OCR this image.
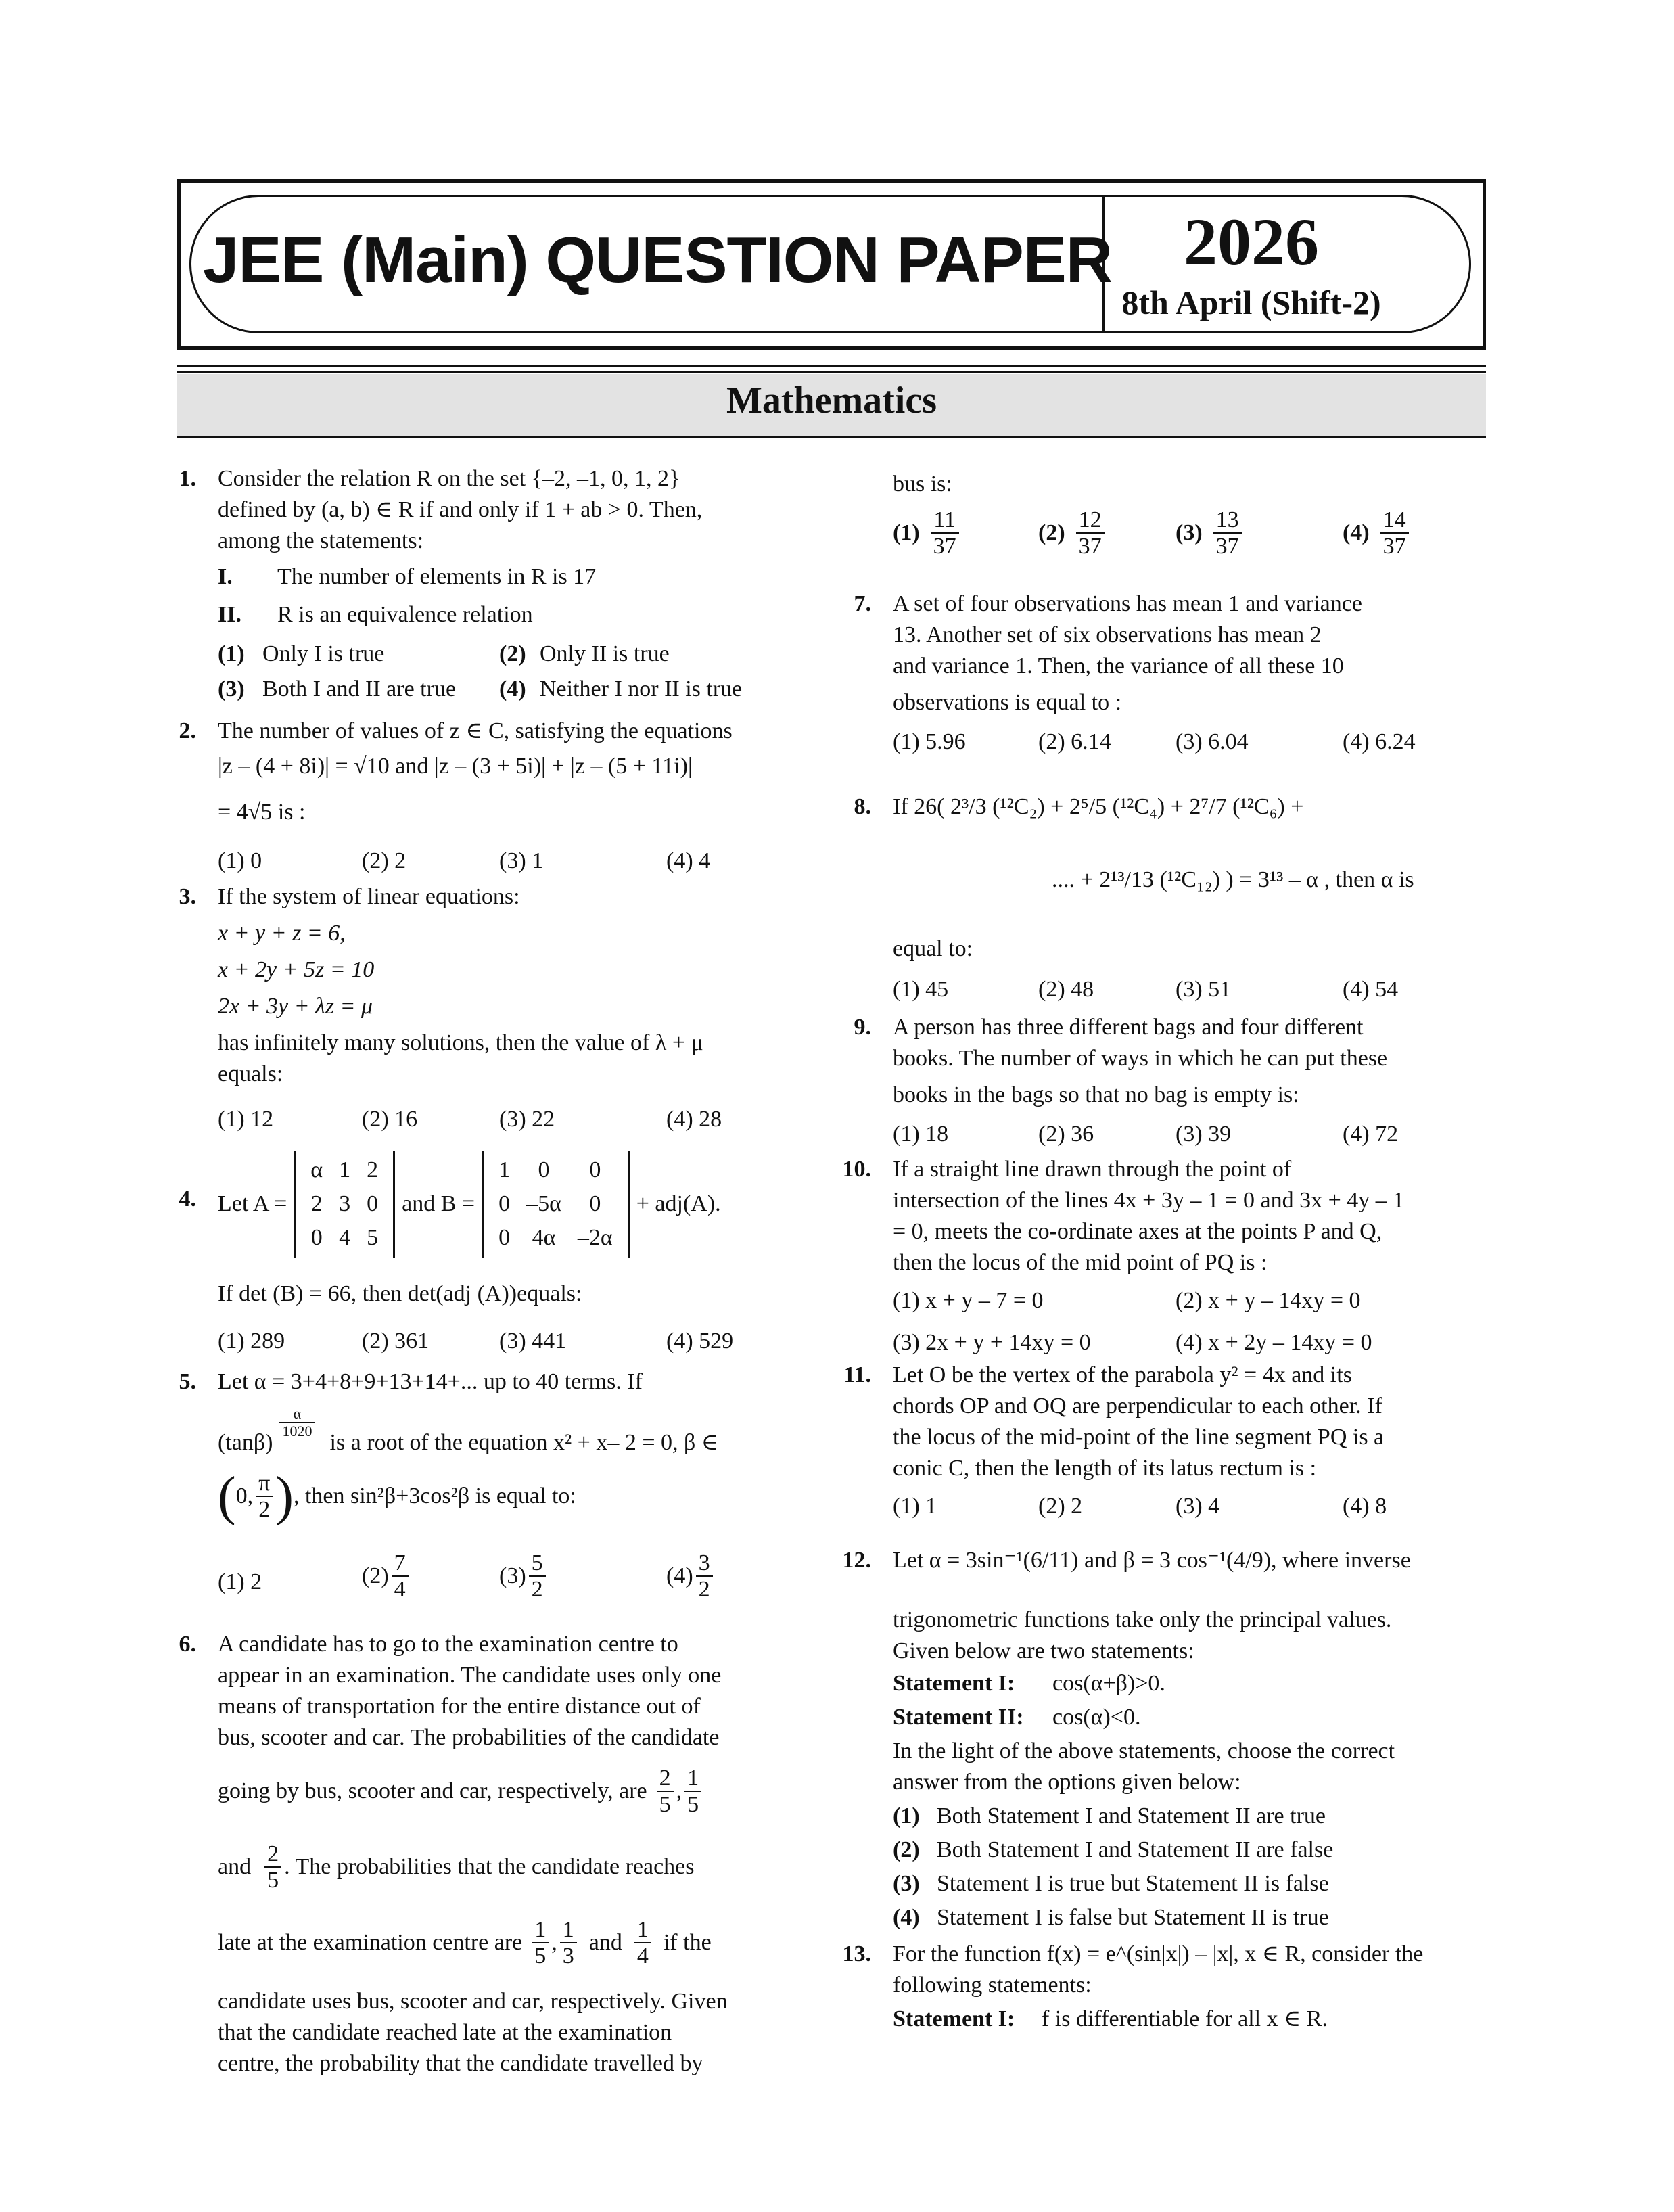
JEE (Main) QUESTION PAPER	2026
8th April (Shift-2)
Mathematics
1. Consider the relation R on the set {–2, –1, 0, 1, 2}
defined by (a, b) ∈ R if and only if 1 + ab > 0. Then,
among the statements:
I. The number of elements in R is 17
II. R is an equivalence relation
(1) Only I is true	(2) Only II is true
(3) Both I and II are true (4) Neither I nor II is true
2. The number of values of z ∈ C, satisfying the equations
|z – (4 + 8i)| = √10 and |z – (3 + 5i)| + |z – (5 + 11i)|
= 4√5 is :
(1) 0	(2) 2	(3) 1	(4) 4
3. If the system of linear equations:
x + y + z = 6,
x + 2y + 5z = 10
2x + 3y + λz = μ
has infinitely many solutions, then the value of λ + μ
equals:
(1) 12	(2) 16	(3) 22	(4) 28
4. Let A =
α	1	2
2	3	0
0	4	5
and B =
1	0	0
0	–5α	0
0	4α	–2α
+ adj(A).
If det (B) = 66, then det(adj (A))equals:
(1) 289	(2) 361	(3) 441	(4) 529
5. Let α = 3+4+8+9+13+14+... up to 40 terms. If
(tanβ)
$\frac{\alpha}{1020}$
is a root of the equation x² + x– 2 = 0, β ∈
( 0, $\frac{\pi}{2}$ ) , then sin²β+3cos²β is equal to:
(1) 2	$(2) \frac{7}{4}$	$(3) \frac{5}{2}$	$(4) \frac{3}{2}$
6. A candidate has to go to the examination centre to
appear in an examination. The candidate uses only one
means of transportation for the entire distance out of
bus, scooter and car. The probabilities of the candidate
going by bus, scooter and car, respectively, are $\frac{2}{5}$ , $\frac{1}{5}$
and $\frac{2}{5}$ . The probabilities that the candidate reaches
late at the examination centre are $\frac{1}{5}$ , $\frac{1}{3}$ and $\frac{1}{4}$ if the
candidate uses bus, scooter and car, respectively. Given
that the candidate reached late at the examination
centre, the probability that the candidate travelled by
bus is:
$(1) \frac{11}{37}$	$(2) \frac{12}{37}$	$(3) \frac{13}{37}$	$(4) \frac{14}{37}$
7. A set of four observations has mean 1 and variance
13. Another set of six observations has mean 2
and variance 1. Then, the variance of all these 10
observations is equal to :
(1) 5.96	(2) 6.14	(3) 6.04	(4) 6.24
8. If 26( 2³/3 (¹²C₂) + 2⁵/5 (¹²C₄) + 2⁷/7 (¹²C₆) +
.... + 2¹³/13 (¹²C₁₂) ) = 3¹³ – α , then α is
equal to:
(1) 45	(2) 48	(3) 51	(4) 54
9. A person has three different bags and four different
books. The number of ways in which he can put these
books in the bags so that no bag is empty is:
(1) 18	(2) 36	(3) 39	(4) 72
10. If a straight line drawn through the point of
intersection of the lines 4x + 3y – 1 = 0 and 3x + 4y – 1
= 0, meets the co-ordinate axes at the points P and Q,
then the locus of the mid point of PQ is :
(1) x + y – 7 = 0	(2) x + y – 14xy = 0
(3) 2x + y + 14xy = 0	(4) x + 2y – 14xy = 0
11. Let O be the vertex of the parabola y² = 4x and its
chords OP and OQ are perpendicular to each other. If
the locus of the mid-point of the line segment PQ is a
conic C, then the length of its latus rectum is :
(1) 1	(2) 2	(3) 4	(4) 8
12. Let α = 3sin⁻¹(6/11) and β = 3 cos⁻¹(4/9), where inverse
trigonometric functions take only the principal values.
Given below are two statements:
Statement I: cos(α+β)>0.
Statement II: cos(α)<0.
In the light of the above statements, choose the correct
answer from the options given below:
(1) Both Statement I and Statement II are true
(2) Both Statement I and Statement II are false
(3) Statement I is true but Statement II is false
(4) Statement I is false but Statement II is true
13. For the function f(x) = e^(sin|x|) – |x|, x ∈ R, consider the
following statements:
Statement I: f is differentiable for all x ∈ R.
